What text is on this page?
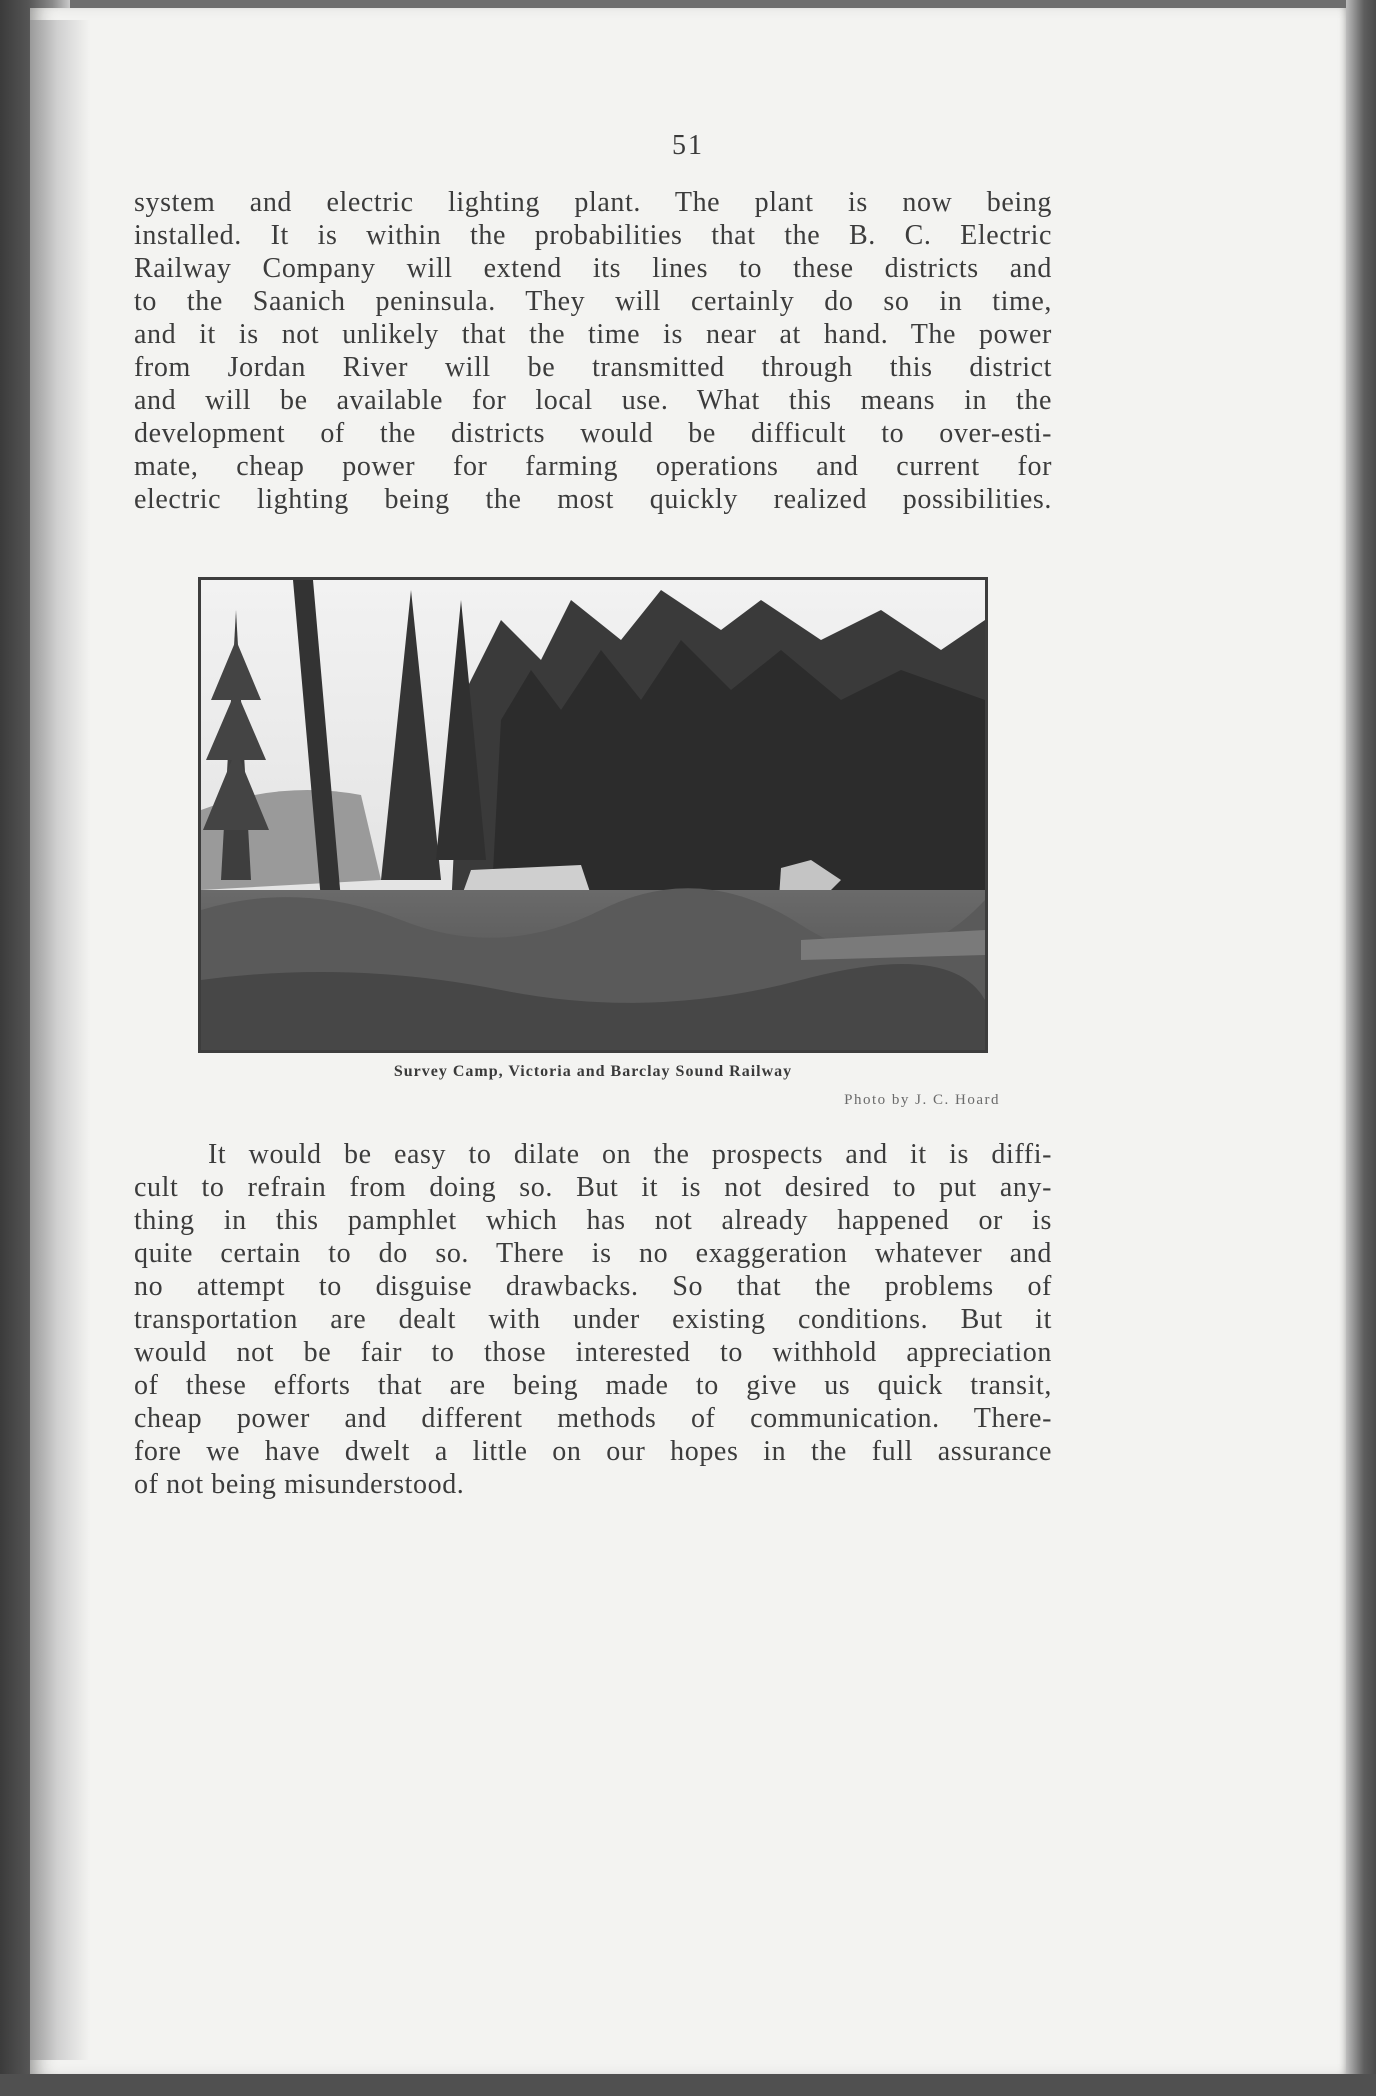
51

system and electric lighting plant. The plant is now being
installed. It is within the probabilities that the B. C. Electric
Railway Company will extend its lines to these districts and
to the Saanich peninsula. They will certainly do so in time,
and it is not unlikely that the time is near at hand. The power
from Jordan River will be transmitted through this district
and will be available for local use. What this means in the
development of the districts would be difficult to over-esti-
mate, cheap power for farming operations and current for
electric lighting being the most quickly realized possibilities.

Survey Camp, Victoria and Barclay Sound Railway
Photo by J. C. Hoard

It would be easy to dilate on the prospects and it is diffi-
cult to refrain from doing so. But it is not desired to put any-
thing in this pamphlet which has not already happened or is
quite certain to do so. There is no exaggeration whatever and
no attempt to disguise drawbacks. So that the problems of
transportation are dealt with under existing conditions. But it
would not be fair to those interested to withhold appreciation
of these efforts that are being made to give us quick transit,
cheap power and different methods of communication. There-
fore we have dwelt a little on our hopes in the full assurance
of not being misunderstood.
